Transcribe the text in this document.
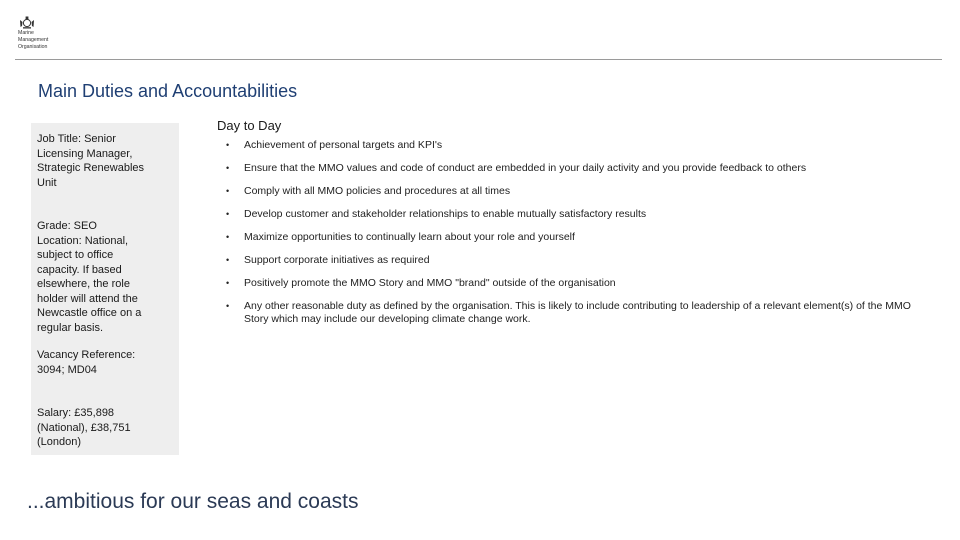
Marine
Management
Organisation
Main Duties and Accountabilities
Job Title: Senior
Licensing Manager,
Strategic Renewables
Unit
Grade: SEO
Location: National,
subject to office
capacity. If based
elsewhere, the role
holder will attend the
Newcastle office on a
regular basis.
Vacancy Reference:
3094; MD04
Salary: £35,898
(National), £38,751
(London)
Day to Day
• Achievement of personal targets and KPI's
• Ensure that the MMO values and code of conduct are embedded in your daily activity and you provide feedback to others
• Comply with all MMO policies and procedures at all times
• Develop customer and stakeholder relationships to enable mutually satisfactory results
• Maximize opportunities to continually learn about your role and yourself
• Support corporate initiatives as required
• Positively promote the MMO Story and MMO "brand" outside of the organisation
• Any other reasonable duty as defined by the organisation. This is likely to include contributing to leadership of a relevant element(s) of the MMO Story which may include our developing climate change work.
...ambitious for our seas and coasts
